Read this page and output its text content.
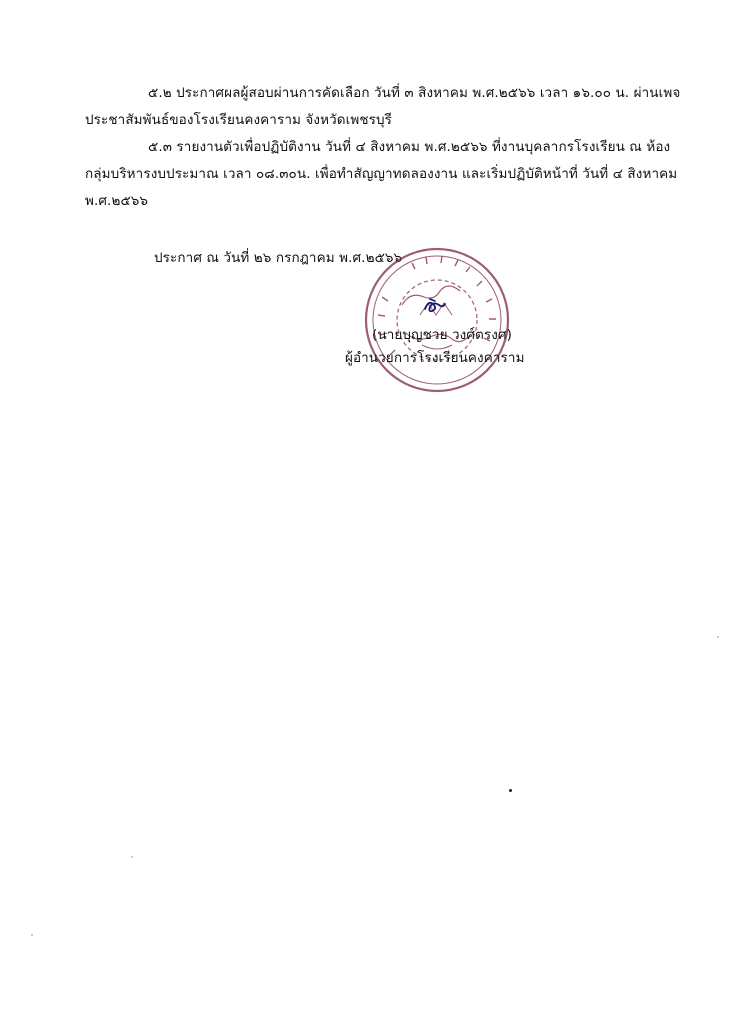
๕.๒ ประกาศผลผู้สอบผ่านการคัดเลือก วันที่ ๓ สิงหาคม พ.ศ.๒๕๖๖ เวลา ๑๖.๐๐ น. ผ่านเพจ
ประชาสัมพันธ์ของโรงเรียนคงคาราม จังหวัดเพชรบุรี
๕.๓ รายงานตัวเพื่อปฏิบัติงาน วันที่ ๔ สิงหาคม พ.ศ.๒๕๖๖ ที่งานบุคลากรโรงเรียน ณ ห้อง
กลุ่มบริหารงบประมาณ เวลา ๐๘.๓๐น. เพื่อทำสัญญาทดลองงาน และเริ่มปฏิบัติหน้าที่ วันที่ ๔ สิงหาคม
พ.ศ.๒๕๖๖
ประกาศ ณ วันที่ ๒๖ กรกฎาคม พ.ศ.๒๕๖๖
(นายบุญชวย วงศ์ตรงศ)
ผู้อำนวยการโรงเรียนคงคาราม
